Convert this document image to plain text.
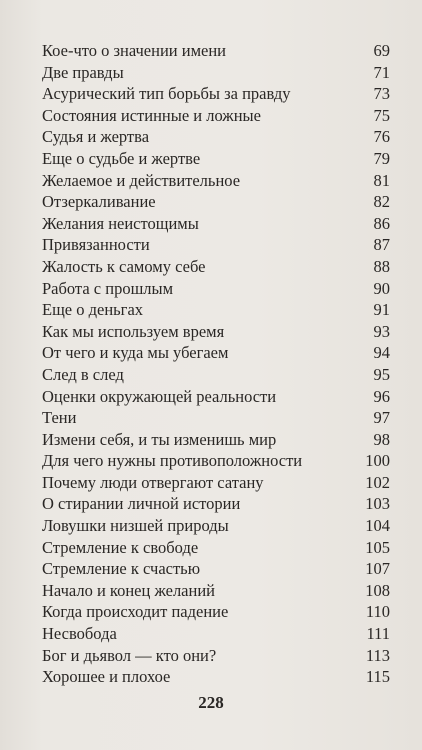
Кое-что о значении имени	69
Две правды	71
Асурический тип борьбы за правду	73
Состояния истинные и ложные	75
Судья и жертва	76
Еще о судьбе и жертве	79
Желаемое и действительное	81
Отзеркаливание	82
Желания неистощимы	86
Привязанности	87
Жалость к самому себе	88
Работа с прошлым	90
Еще о деньгах	91
Как мы используем время	93
От чего и куда мы убегаем	94
След в след	95
Оценки окружающей реальности	96
Тени	97
Измени себя, и ты изменишь мир	98
Для чего нужны противоположности	100
Почему люди отвергают сатану	102
О стирании личной истории	103
Ловушки низшей природы	104
Стремление к свободе	105
Стремление к счастью	107
Начало и конец желаний	108
Когда происходит падение	110
Несвобода	111
Бог и дьявол — кто они?	113
Хорошее и плохое	115
228
